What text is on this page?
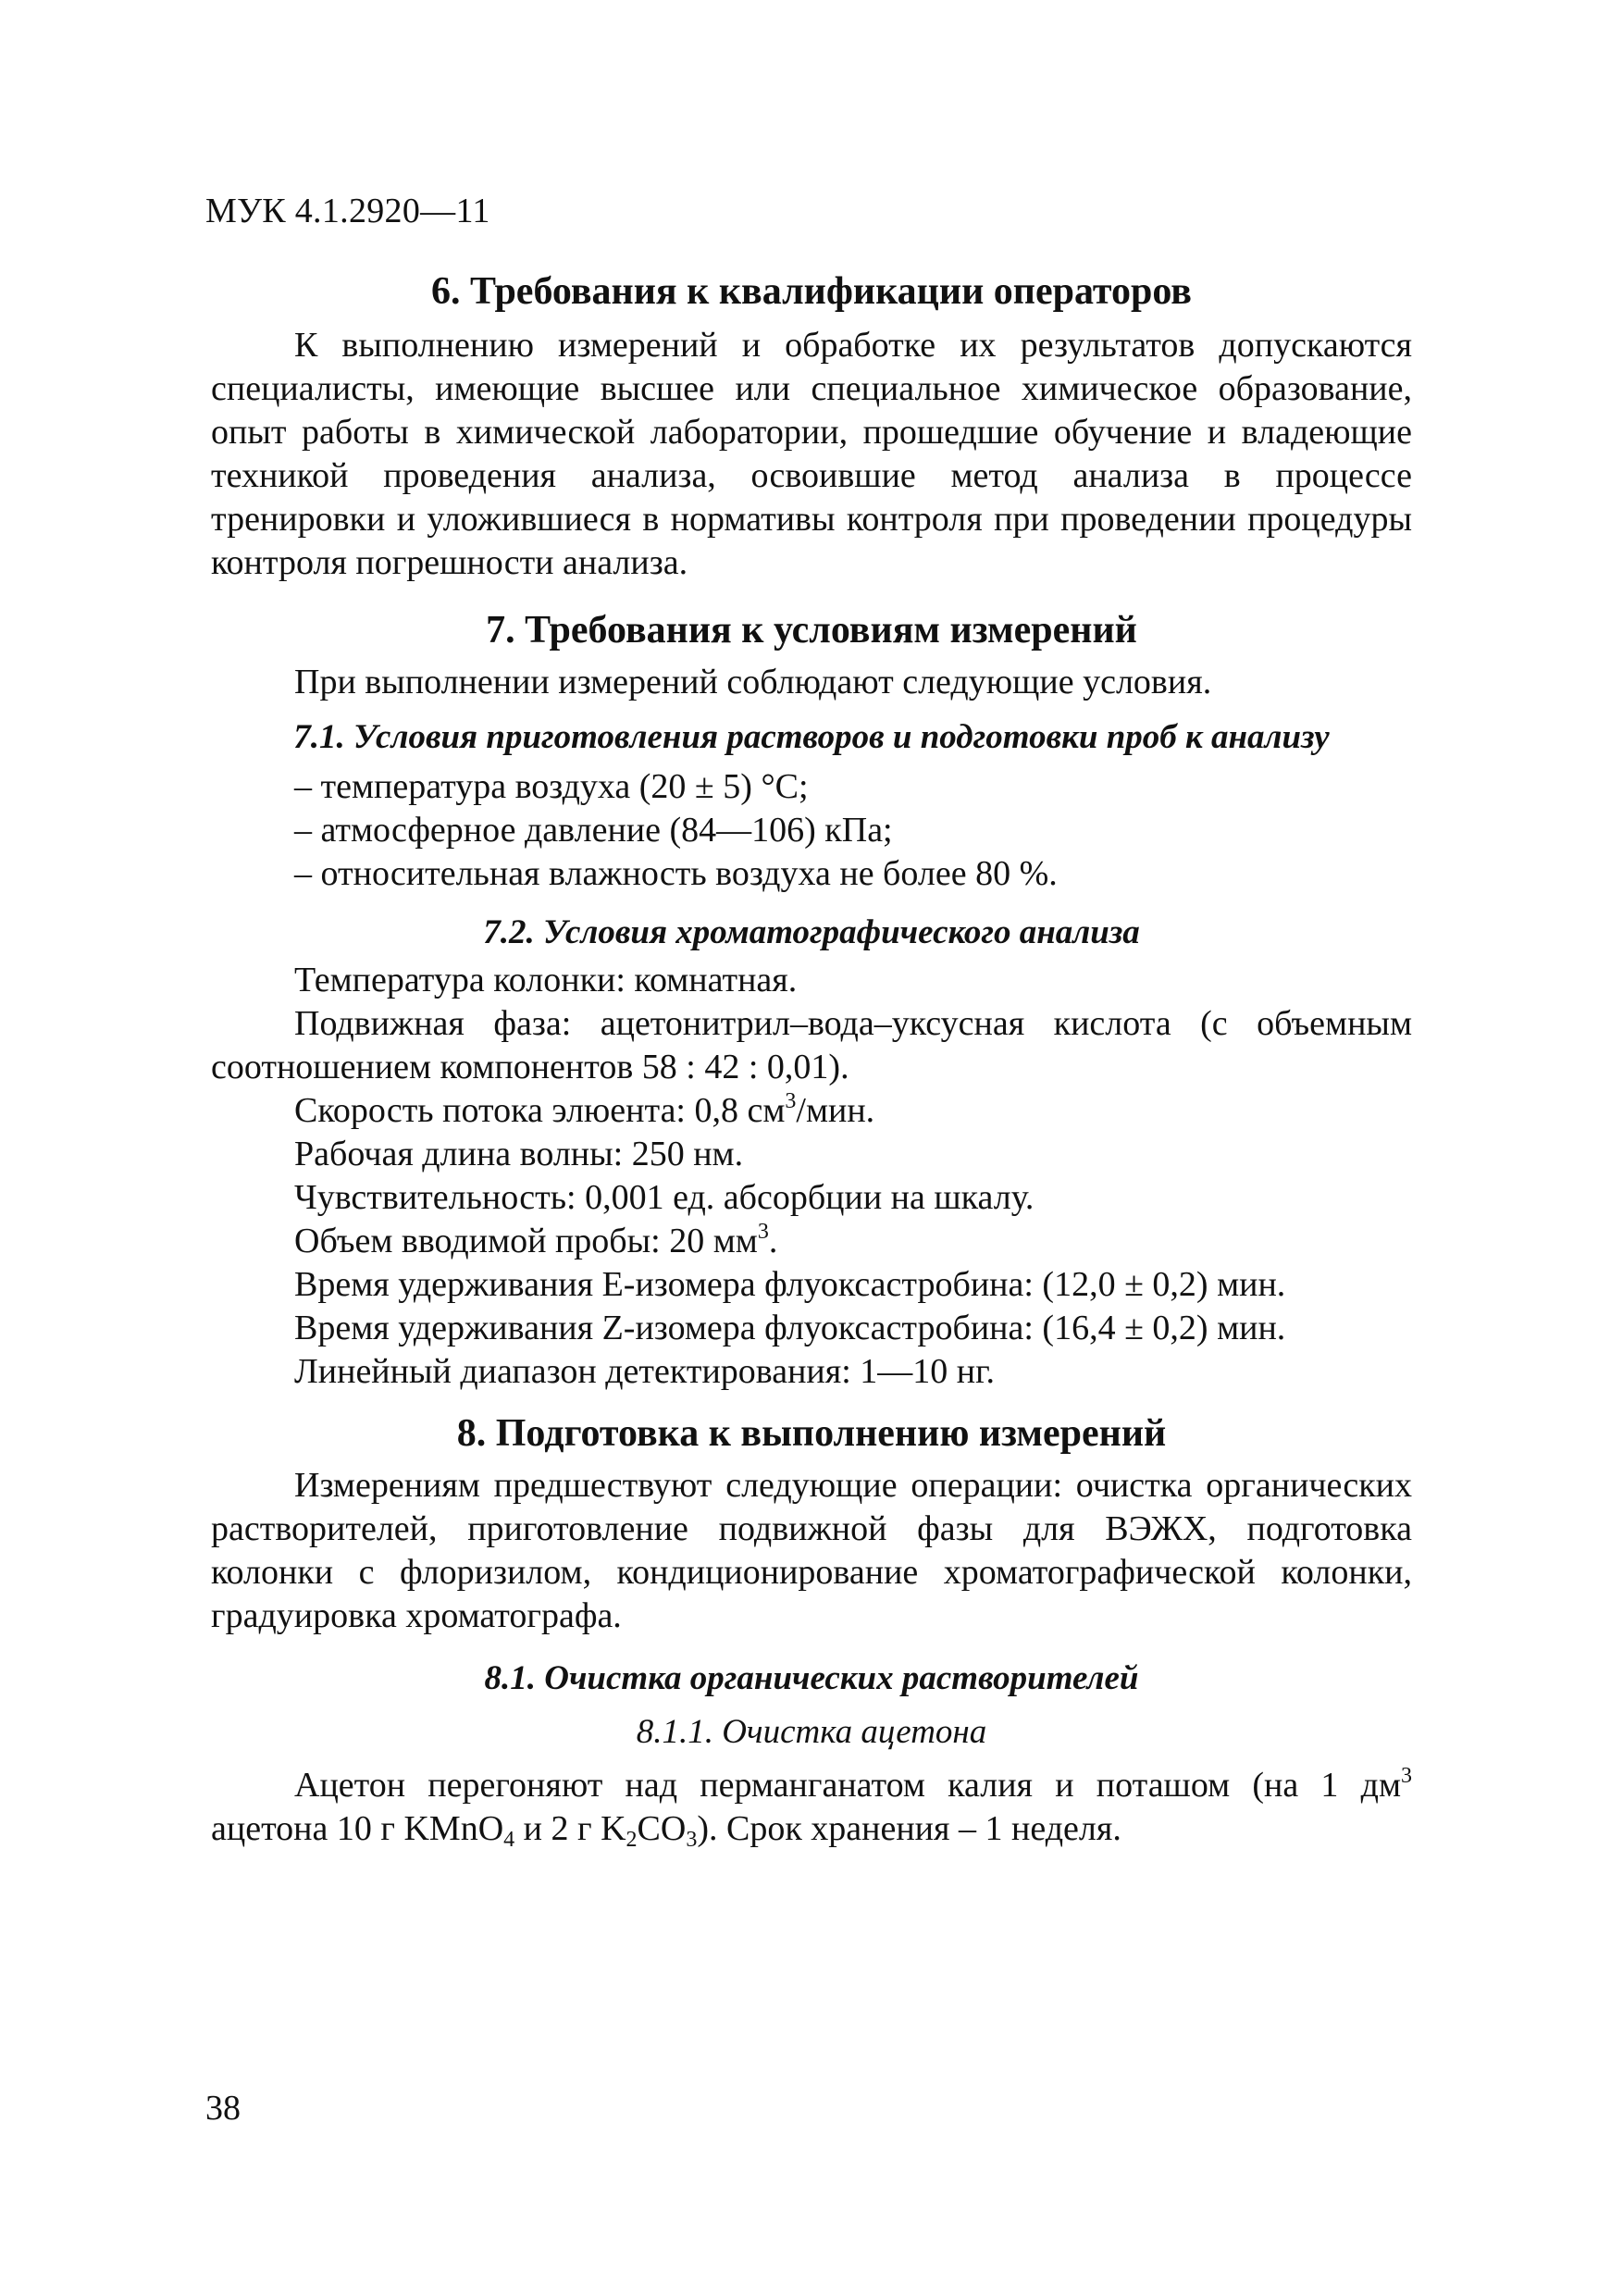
МУК 4.1.2920—11
6. Требования к квалификации операторов

К выполнению измерений и обработке их результатов допускаются специалисты, имеющие высшее или специальное химическое образование, опыт работы в химической лаборатории, прошедшие обучение и владеющие техникой проведения анализа, освоившие метод анализа в процессе тренировки и уложившиеся в нормативы контроля при проведении процедуры контроля погрешности анализа.

7. Требования к условиям измерений

При выполнении измерений соблюдают следующие условия.

7.1. Условия приготовления растворов и подготовки проб к анализу

– температура воздуха (20 ± 5) °С;

– атмосферное давление (84—106) кПа;

– относительная влажность воздуха не более 80 %.

7.2. Условия хроматографического анализа

Температура колонки: комнатная.

Подвижная фаза: ацетонитрил–вода–уксусная кислота (с объемным соотношением компонентов 58 : 42 : 0,01).

Скорость потока элюента: 0,8 $см^3$/мин.

Рабочая длина волны: 250 нм.

Чувствительность: 0,001 ед. абсорбции на шкалу.

Объем вводимой пробы: 20 $мм^3$.

Время удерживания Е-изомера флуоксастробина: (12,0 ± 0,2) мин.

Время удерживания Z-изомера флуоксастробина: (16,4 ± 0,2) мин.

Линейный диапазон детектирования: 1—10 нг.

8. Подготовка к выполнению измерений

Измерениям предшествуют следующие операции: очистка органических растворителей, приготовление подвижной фазы для ВЭЖХ, подготовка колонки с флоризилом, кондиционирование хроматографической колонки, градуировка хроматографа.

8.1. Очистка органических растворителей

8.1.1. Очистка ацетона

Ацетон перегоняют над перманганатом калия и поташом (на 1 $дм^3$ ацетона 10 г KMnO$_4$ и 2 г $K_2CO_3$). Срок хранения – 1 неделя.

38
